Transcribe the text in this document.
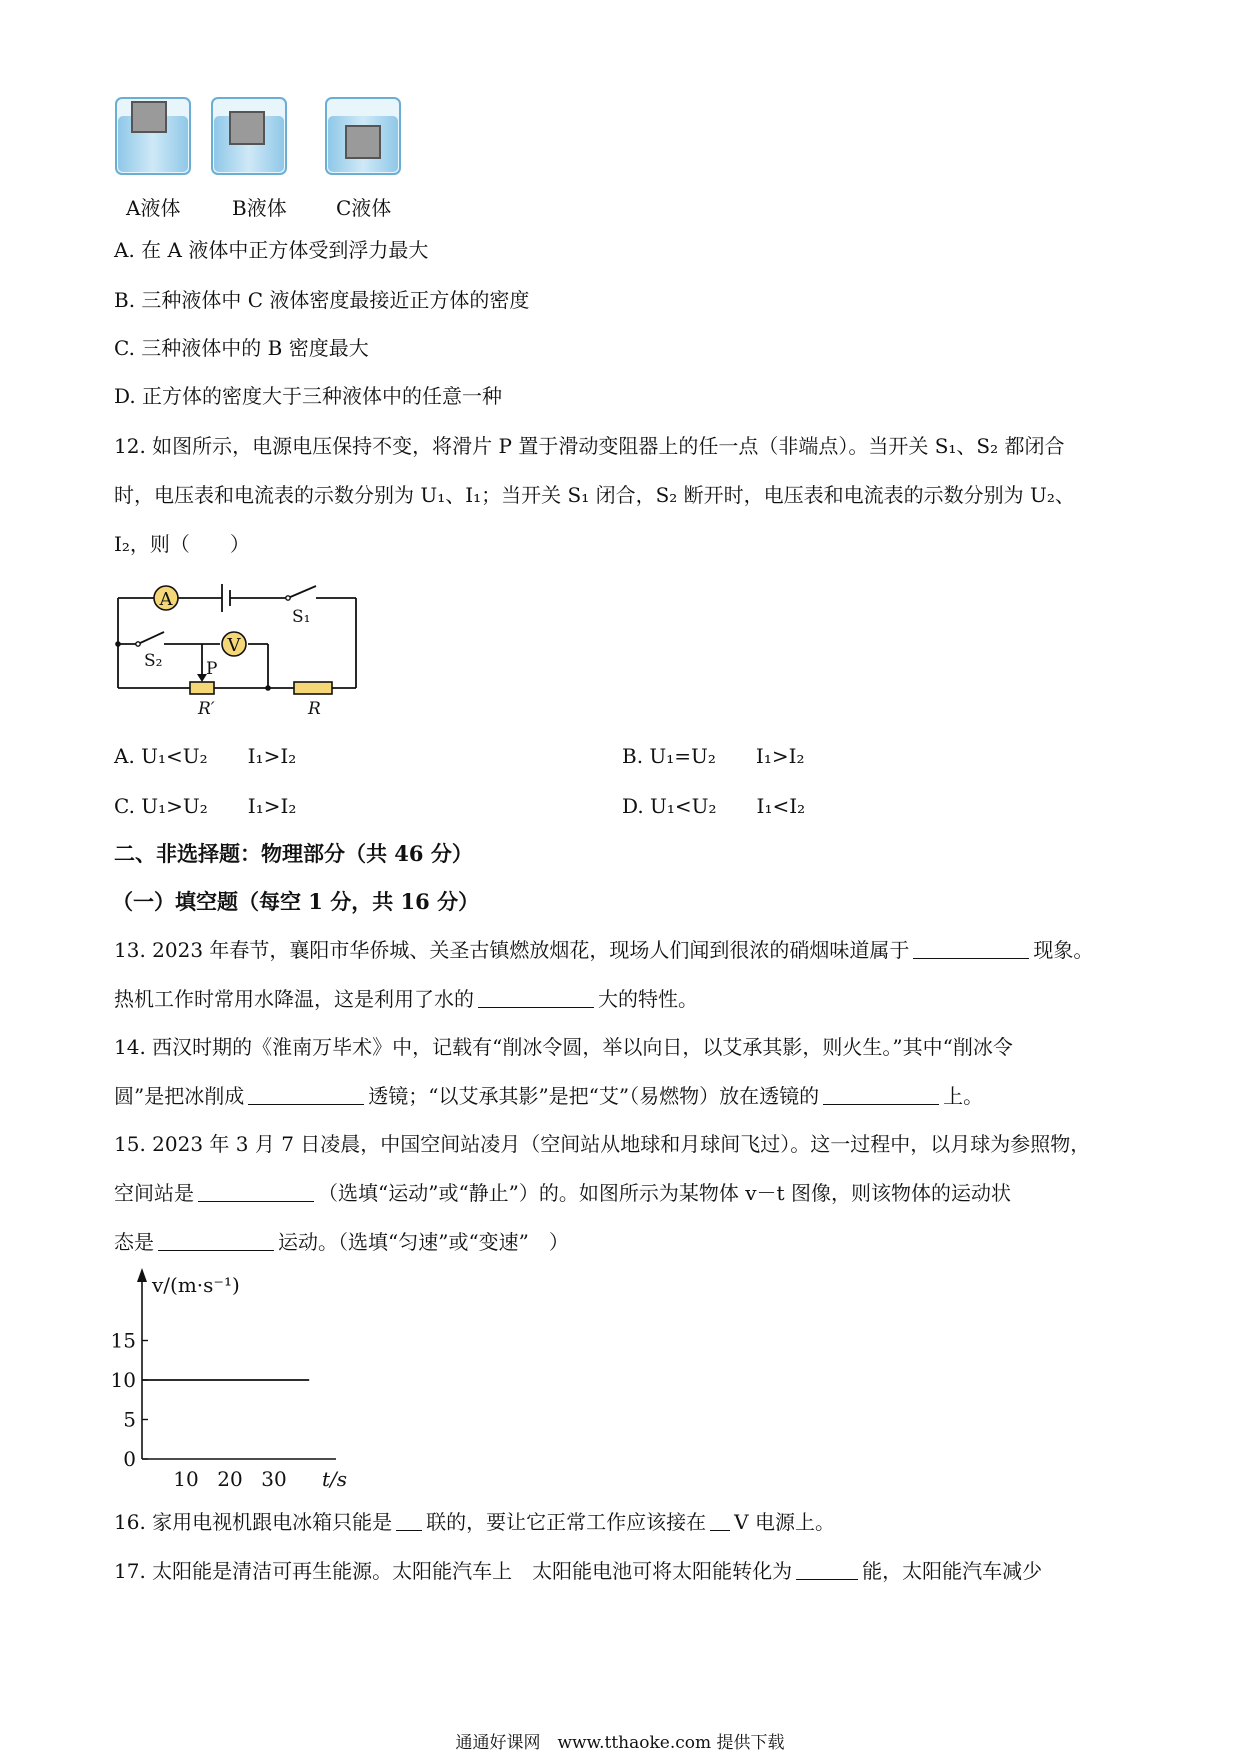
A液体	B液体 C液体
A. 在 A 液体中正方体受到浮力最大
B. 三种液体中 C 液体密度最接近正方体的密度
C. 三种液体中的 B 密度最大
D. 正方体的密度大于三种液体中的任意一种
12. 如图所示，电源电压保持不变，将滑片 P 置于滑动变阻器上的任一点（非端点）。当开关 S₁、S₂ 都闭合
时，电压表和电流表的示数分别为 U₁、I₁；当开关 S₁ 闭合，S₂ 断开时，电压表和电流表的示数分别为 U₂、
I₂，则（　　）
A
V
S₁
S₂	P
R′	R
A. U₁<U₂　　I₁>I₂	B. U₁=U₂　　I₁>I₂
C. U₁>U₂　　I₁>I₂	D. U₁<U₂　　I₁<I₂
二、非选择题：物理部分（共 46 分）
（一）填空题（每空 1 分，共 16 分）
13. 2023 年春节，襄阳市华侨城、关圣古镇燃放烟花，现场人们闻到很浓的硝烟味道属于	现象。
热机工作时常用水降温，这是利用了水的	大的特性。
14. 西汉时期的《淮南万毕术》中，记载有“削冰令圆，举以向日，以艾承其影，则火生。”其中“削冰令
圆”是把冰削成	透镜；“以艾承其影”是把“艾”（易燃物）放在透镜的	上。
15. 2023 年 3 月 7 日凌晨，中国空间站凌月（空间站从地球和月球间飞过）。这一过程中，以月球为参照物，
空间站是	（选填“运动”或“静止”）的。如图所示为某物体 v－t 图像，则该物体的运动状
态是	运动。（选填“匀速”或“变速”　）
v/(m·s⁻¹)
t/s
0
5
10
15
10 20 30
16. 家用电视机跟电冰箱只能是 联的，要让它正常工作应该接在 V 电源上。
17. 太阳能是清洁可再生能源。太阳能汽车上　太阳能电池可将太阳能转化为	能，太阳能汽车减少
通通好课网　www.tthaoke.com 提供下载
